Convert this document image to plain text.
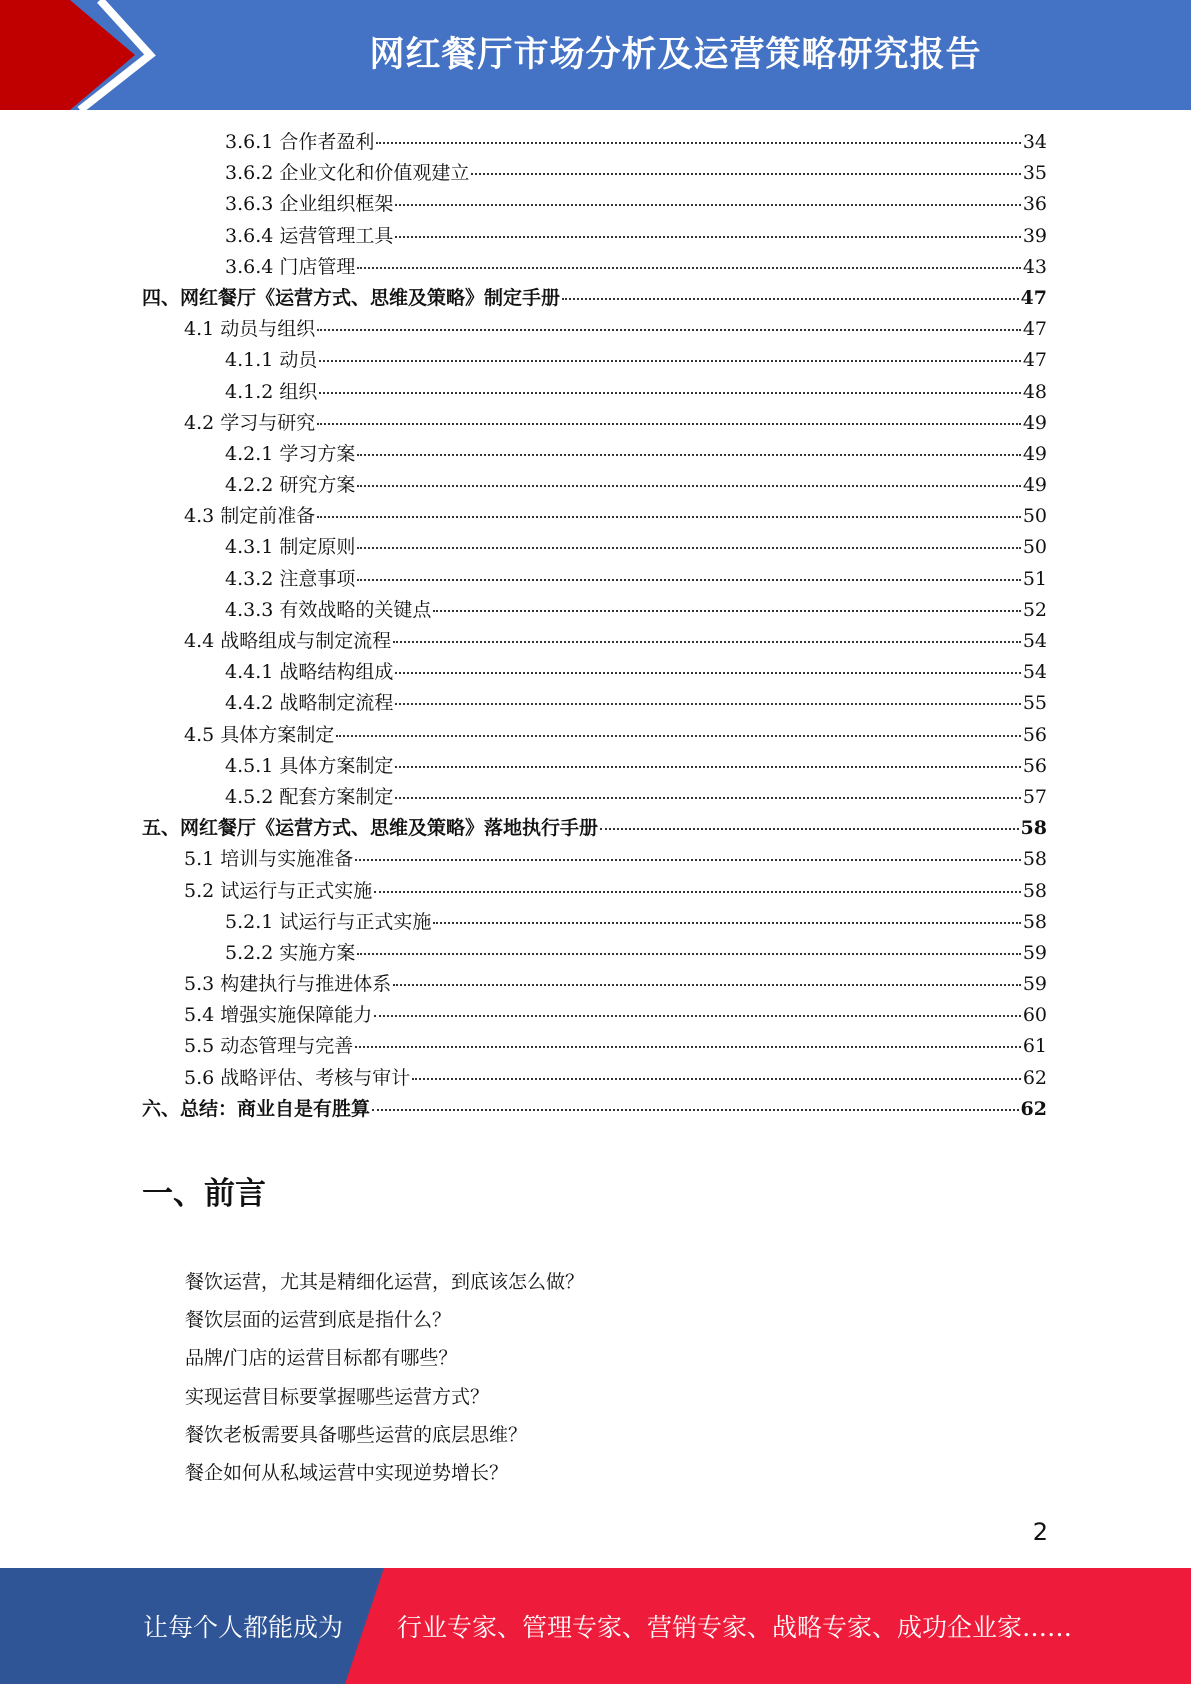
网红餐厅市场分析及运营策略研究报告
3.6.1 合作者盈利	34
3.6.2 企业文化和价值观建立	35
3.6.3 企业组织框架	36
3.6.4 运营管理工具	39
3.6.4 门店管理	43
四、网红餐厅《运营方式、思维及策略》制定手册	47
4.1 动员与组织	47
4.1.1 动员	47
4.1.2 组织	48
4.2 学习与研究	49
4.2.1 学习方案	49
4.2.2 研究方案	49
4.3 制定前准备	50
4.3.1 制定原则	50
4.3.2 注意事项	51
4.3.3 有效战略的关键点	52
4.4 战略组成与制定流程	54
4.4.1 战略结构组成	54
4.4.2 战略制定流程	55
4.5 具体方案制定	56
4.5.1 具体方案制定	56
4.5.2 配套方案制定	57
五、网红餐厅《运营方式、思维及策略》落地执行手册	58
5.1 培训与实施准备	58
5.2 试运行与正式实施	58
5.2.1 试运行与正式实施	58
5.2.2 实施方案	59
5.3 构建执行与推进体系	59
5.4 增强实施保障能力	60
5.5 动态管理与完善	61
5.6 战略评估、考核与审计	62
六、总结：商业自是有胜算	62
一、前言
餐饮运营，尤其是精细化运营，到底该怎么做？
餐饮层面的运营到底是指什么？
品牌/门店的运营目标都有哪些？
实现运营目标要掌握哪些运营方式？
餐饮老板需要具备哪些运营的底层思维？
餐企如何从私域运营中实现逆势增长？
2
让每个人都能成为 行业专家、管理专家、营销专家、战略专家、成功企业家……
